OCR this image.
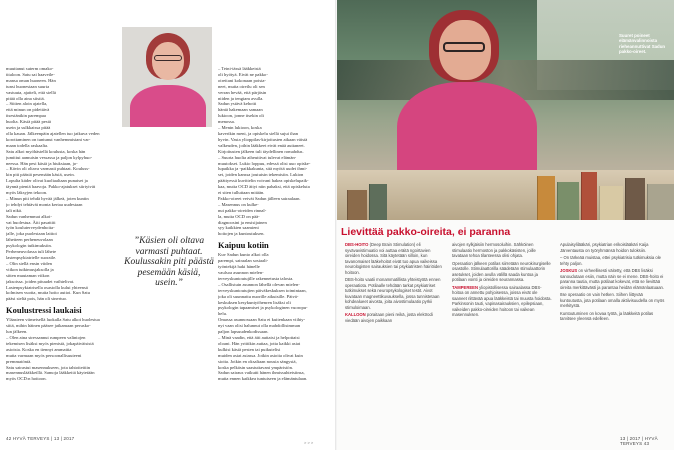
muuttanut suterm omako-

titaloon. Satu sai haaveile-

mansa oman huoneen. Hän

tunsi huonestaan suurta

vastuuta, ajatteli, että siellä

pitää olla aina siistiä.

– Siitten aloin ajatella,

että minun on pidettävä

itsestänikin parempaa

huolta. Käsiä pitää pestä

usein ja sulkkaissa pitää

olla kauan. Jälkeenpäin ajatellen tuo jatkuva veden

korottaminen on tuntunut vanhemmistani var-

maan todella raskaalta.

Satu alkoi myöhästellä koulusta, koska hän

jumittui aamuisin vessassa ja paljon kylpyhuo-

neessa. Hän pesi käsiä ja hiuksiaan, jo-

– Kävin oli oltava varmasti puhtaat. Kouluss-

kin piti päästä pesemään käsiä, usein.

Lopulta käder olivat kuoltaaltaan punaiset ja

täynnä pieniä haavoja. Pakko-ajatukset siirtyivät

myös läksyjen tekoon.

– Minun piti tehdä hyvää jälkeä, joten kuntin

jo tehdyt tehtävät monta kertaa uudestaan

tali nikä.

Sadun vanhemmat alkoi-

vat huolestua. Äiti pasattiti

työn kouluterveydenhoita-

jalle, joka puolestaan laittoi

lähetteen perheneuvolaan

psykologin tutkimuksiin.

Perheneuvolassa tuli lähete

lastenpsykiatrielle suoraile.

– Olin siellä ensin viiden

viikon tutkimusjaksolla ja

sitten muutaman viikon

jaksoissa. joiden pituudet vaihtelivat.

Lastenpsykiatrisella osastolla kului yhteensä

kolmisen vuotta, mutta hoito auttoi. Kun Satu

pääsi sieltä pois, hän oli sinertuo.

Koulustressi laukaisi

Yläasteen viimeisellä luokalla Satu alkoi huolestua

siitä, mihin häinen pääsee jatkamaan perusko-

lun jälkeen.

– Olen aina stressannut rumpeen valintojen

tekemisen lisäksi myös pienistä, jokapäiväisistä

asioista. Koska en tiennyt ammattia

mutta varmaan myös persoonallisuuteeni

premmatöntä.

Satu sairastui masennukseen, jota tahtoitettiin

masennuslääkkeillä. Samoja lääkkeitä käytetään

myös OCD:n hoitoon.

”Käsien oli oltava varmasti puhtaat. Koulussakin piti päästä pesemään käsiä, usein.”

– Teini-iässä lääkkeistä

oli hyötyä. Eivät ne pakko-

oireitani kokonaan poista-

neet, mutta oireilu oli sen

verran hevää, että pärjäsin

niiden ja tengiam avulla.

Sadun ystävä kehotti

häntä hakemaan samaan

lukioon, jonne itsekin oli

menossa.

– Menin lukioon, koska

kaverikin meni, ja opiskelu siellä sujui ihan

hyvin. Vasta ylioppilas-kirjoitusten aikaan väistä

valkeuden, joihin lääkkeet eivät enää auttaneet.

Kirjoitusten jälkeen tuli täydellinen romahdus.

– Suurta huolta aiheuttivat tulevat elämän-

muutokset. Lukio loppuu, edessä olisi uuo opiske-

lupaikka ja -paikkakunta, sitä myötä uudet ihmi-

set, joiden kanssa joutuisin tekemisiin. Lukion

päättyessä kuvittelin voivani hakea opiskelupaik-

kaa, mutta OCD äityi niin pahaksi, että opiskeluta

ei siten tulluttaan mitään.

Pakko-oireet veivät Sadun jälleen sairaalaan.

– Masennus on kulke-

nut pakko-oireiden rinnal-

la, mutta OCD on pää-

diagnoosini ja ensisijainen

syy kaikkien saamieni

hoitojen ja kuntoutuksen.

Kaipuu kotiin

Kuv Sadun kunto alkoi olla

parempi, sairaalan sosiaali-

työntekijä haki hänelle

vaulsoa asunnon mielen-

terveyskuntoutujille rakennetusta talosta.

– Osallistuin asunnon lähellä olevan mielen-

terveyskuntoutujien päiväkeskuksen toimintaan,

joka oli suunnattu nuorille aikuisille. Päivä-

keskuksen kesykuntyöhenren lisäksi oli

psykologin tapaamiset ja psykologinen vuoropu-

helu.

Omassa asunnossaan Satu ei kuitenkaan viihty-

nyt vaan olisi halunnut olla mahdollisimman

paljon lapsuudenkodissaan.

– Minä vaadin, että äiti auttaisi ja helpottaisi

oloani. Hän yrittikin auttaa, jotta kaikki asiat

kulkisi käsiä pesten tai puikutelisi

muiden asiat asiassa. Jotkin asioita olivat kuin

sioita. Jotkin en oksaltaan nousia sängystä,

koska pelkäsin saastuttavani ympäristön.

Sadun sairaus vaikutti hänen ihmissuhteisiinsa,

mutta ennen kaikkea tuntuiseen ja elämäntulaan.

42 HYVÄ TERVEYS | 13 | 2017
> > >
Suuret poineet elämänvalinnoista rieheannuttivat Sadun pakko-oireet.
Lievittää pakko-oireita, ei paranna

DBS-HOITO (Deep Brain Stimulation) eli syvävavistimuatio voi auttaa eräitä ngoirtavien oireiden hoidossa. Sitä käytetään silloin, kun tavanomaiset lääkehoitot eivät tuo apua vaikeissa neurologisten sairauksien tai psykiatristen häiriöiden hoitoon.

DBS-hoito vaatii monammatillista yhteistyötä ennen operaatiota. Potilaalle tehdään tarkat psykiatriset tutkimukset sekä neuropsykologiset testit. Aivot kuvataan magneettikuvauksella, jossa tunnistetaan kohdealueet aivosta, joita aivostimulaatio pyrkii stimuloimaan.

KALLOON poraitaan pieni reikä, josta elektrodi viedään aivojen paikkaan

aivojen sylkjäisiin hermosoluihin. Sähköinen stimulaatio hermoston ja pakkokäsisten, joille tavataan tehoa tilanteessa olisi ohjata.

Operaation jälkeen potilas siirretään neurokirurgiselle osastolle. Stimulaattorilla säädetään stimulaattorin asetukset, joiden avulla välillä saada kuntoa ja potilaan vointi ja oireiden seurannassa.

TAMPEREEN yliopistollisessa sairaalassa DBS-hoitoa on annettu pohjoisessa, joissa eivät ole saaneet riittävää apua lääkkeistä tai muusta hoidosta. Parkinsonin tauti, vapinasairauksien, epilepsiaan, vaikeiden pakko-oireiden hoitoon tai vaikean masennuksen.

Apulaisylilääkäri, psykiatrian erikoislääkäri Kaija Järventausta on työryhmänsä hoidon tuloksiin.

– On tärkeää muistaa, ettei psykiatrisia tutkimuksia ole tehty paljon.

JOSKUS on virheellisesti väitetty, että DBS lisäksi sanoudutaan esiin, mutta näin se ei mene. DBS-hoito ei paranna tautia, mutta potilaat kokevat, että se lievittää oireita merkittävästi ja parantaa heidän elämänlaatuaan.

Itse operaatio on vain hetken. Siihen liittyvää kuntoutusta, jota potilaan omalla aktiivisuudella on myös merkitystä.

Kuntoutuminen on kovaa työtä, ja lääkkeitä potilas tarvitsee yleensä edelleen.

13 | 2017 | HYVÄ TERVEYS 43
